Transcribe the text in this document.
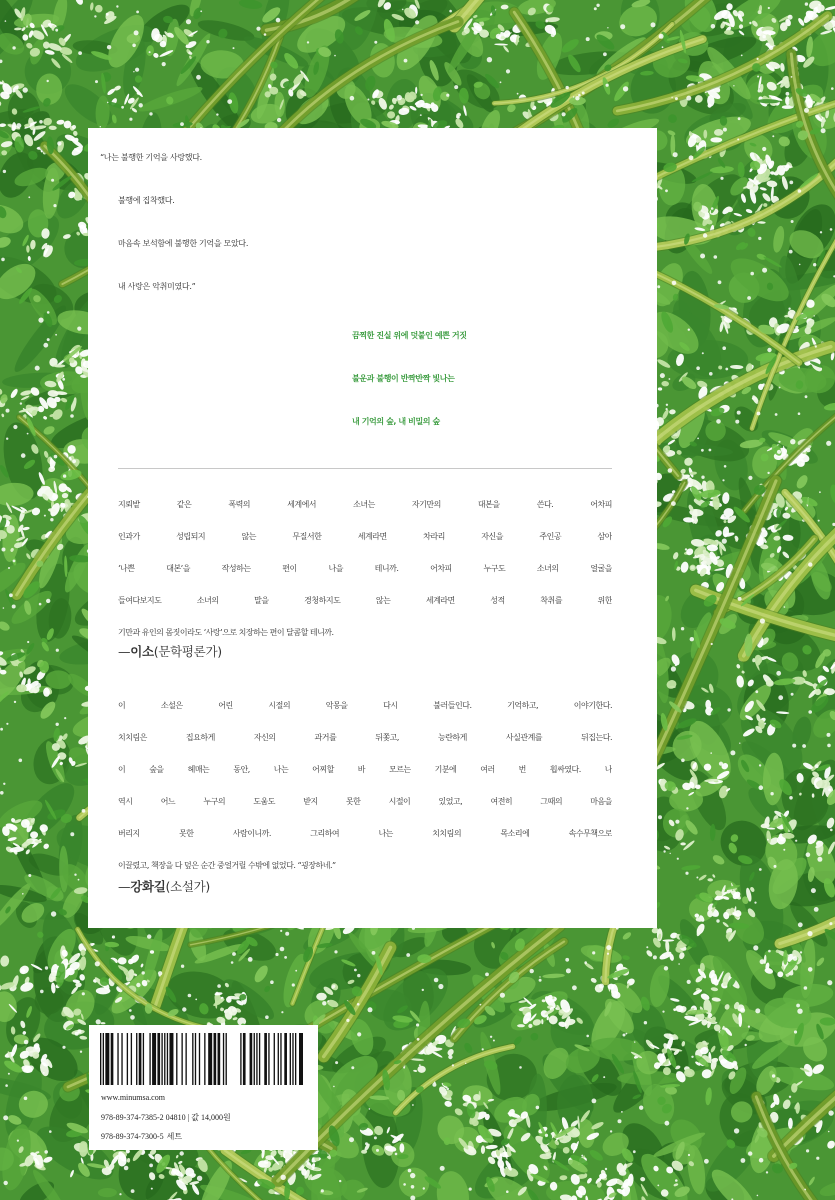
“나는 불행한 기억을 사랑했다.
불행에 집착했다.
마음속 보석함에 불행한 기억을 모았다.
내 사랑은 악취미였다.”
끔찍한 진실 위에 덧붙인 예쁜 거짓
불운과 불행이 반짝반짝 빛나는
내 기억의 숲, 내 비밀의 숲
지뢰밭 같은 폭력의 세계에서 소녀는 자기만의 대본을 쓴다. 어차피
인과가 성립되지 않는 무질서한 세계라면 차라리 자신을 주인공 삼아
‘나쁜 대본’을 작성하는 편이 나을 테니까. 어차피 누구도 소녀의 얼굴을
들여다보지도 소녀의 말을 경청하지도 않는 세계라면 성적 착취를 위한
기만과 유인의 몸짓이라도 ‘사랑’으로 치장하는 편이 달콤할 테니까.
—이소(문학평론가)
이 소설은 어린 시절의 악몽을 다시 불러들인다. 기억하고, 이야기한다.
치치림은 집요하게 자신의 과거를 뒤쫓고, 능란하게 사실관계를 뒤집는다.
이 숲을 헤매는 동안, 나는 어찌할 바 모르는 기분에 여러 번 휩싸였다. 나
역시 어느 누구의 도움도 받지 못한 시절이 있었고, 여전히 그때의 마음을
버리지 못한 사람이니까. 그리하여 나는 치치림의 목소리에 속수무책으로
이끌렸고, 책장을 다 덮은 순간 중얼거릴 수밖에 없었다. “굉장하네.”
—강화길(소설가)
www.minumsa.com
978-89-374-7385-2 04810 | 값 14,000원
978-89-374-7300-5 세트
